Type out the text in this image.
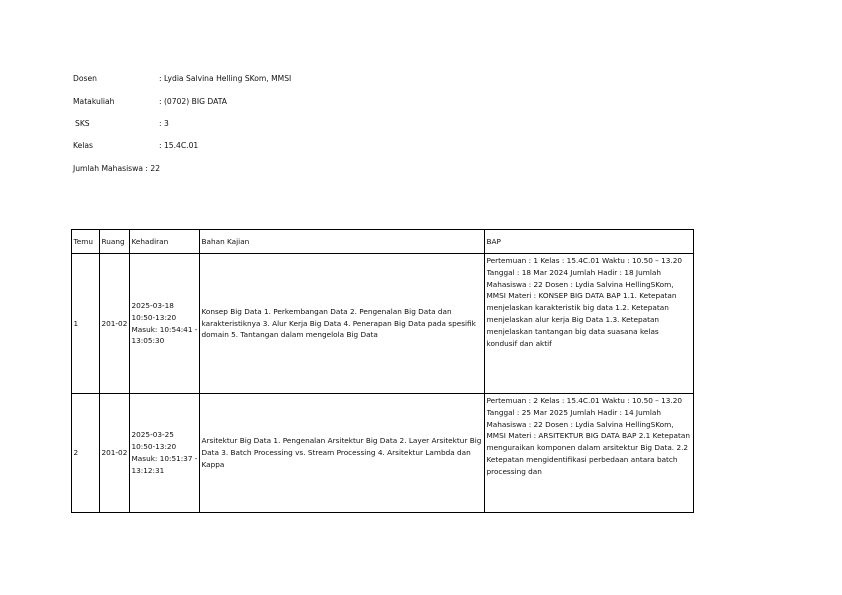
Dosen	: Lydia Salvina Helling SKom, MMSI
Matakuliah	: (0702) BIG DATA
SKS	: 3
Kelas	: 15.4C.01
Jumlah Mahasiswa : 22
Temu	Ruang	Kehadiran	Bahan Kajian	BAP
1	201-02	2025-03-18 10:50-13:20 Masuk: 10:54:41 - 13:05:30	Konsep Big Data 1. Perkembangan Data 2. Pengenalan Big Data dan karakteristiknya 3. Alur Kerja Big Data 4. Penerapan Big Data pada spesifik domain 5. Tantangan dalam mengelola Big Data	Pertemuan : 1 Kelas : 15.4C.01 Waktu : 10.50 – 13.20 Tanggal : 18 Mar 2024 Jumlah Hadir : 18 Jumlah Mahasiswa : 22 Dosen : Lydia Salvina HellingSKom, MMSI Materi : KONSEP BIG DATA BAP 1.1. Ketepatan menjelaskan karakteristik big data 1.2. Ketepatan menjelaskan alur kerja Big Data 1.3. Ketepatan menjelaskan tantangan big data suasana kelas kondusif dan aktif

2	201-02	2025-03-25 10:50-13:20 Masuk: 10:51:37 - 13:12:31	Arsitektur Big Data 1. Pengenalan Arsitektur Big Data 2. Layer Arsitektur Big Data 3. Batch Processing vs. Stream Processing 4. Arsitektur Lambda dan Kappa	Pertemuan : 2 Kelas : 15.4C.01 Waktu : 10.50 – 13.20 Tanggal : 25 Mar 2025 Jumlah Hadir : 14 Jumlah Mahasiswa : 22 Dosen : Lydia Salvina HellingSKom, MMSI Materi : ARSITEKTUR BIG DATA BAP 2.1 Ketepatan menguraikan komponen dalam arsitektur Big Data. 2.2 Ketepatan mengidentifikasi perbedaan antara batch processing dan
